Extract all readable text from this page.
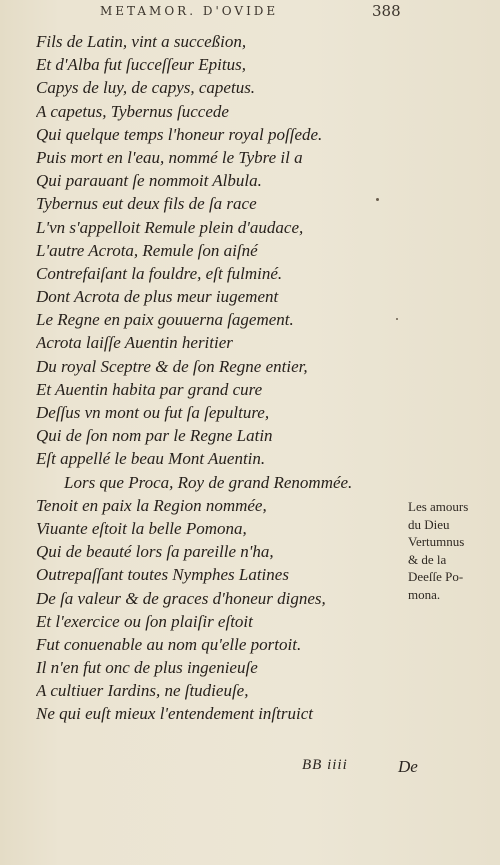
METAMOR. D'OVIDE	388
Fils de Latin, vint a succeßion,
Et d'Alba fut ſucceſſeur Epitus,
Capys de luy, de capys, capetus.
A capetus, Tybernus ſuccede
Qui quelque temps l'honeur royal poſſede.
Puis mort en l'eau, nommé le Tybre il a
Qui parauant ſe nommoit Albula.
Tybernus eut deux fils de ſa race
L'vn s'appelloit Remule plein d'audace,
L'autre Acrota, Remule ſon aiſné
Contrefaiſant la fouldre, eſt fulminé.
Dont Acrota de plus meur iugement
Le Regne en paix gouuerna ſagement.
Acrota laiſſe Auentin heritier
Du royal Sceptre & de ſon Regne entier,
Et Auentin habita par grand cure
Deſſus vn mont ou fut ſa ſepulture,
Qui de ſon nom par le Regne Latin
Eſt appellé le beau Mont Auentin.
Lors que Proca, Roy de grand Renommée.
Tenoit en paix la Region nommée,
Viuante eſtoit la belle Pomona,
Qui de beauté lors ſa pareille n'ha,
Outrepaſſant toutes Nymphes Latines
De ſa valeur & de graces d'honeur dignes,
Et l'exercice ou ſon plaiſir eſtoit
Fut conuenable au nom qu'elle portoit.
Il n'en fut onc de plus ingenieuſe
A cultiuer Iardins, ne ſtudieuſe,
Ne qui euſt mieux l'entendement inſtruict
Les amours
du Dieu
Vertumnus
& de la
Deeſſe Po-
mona.
BB iiii	De
